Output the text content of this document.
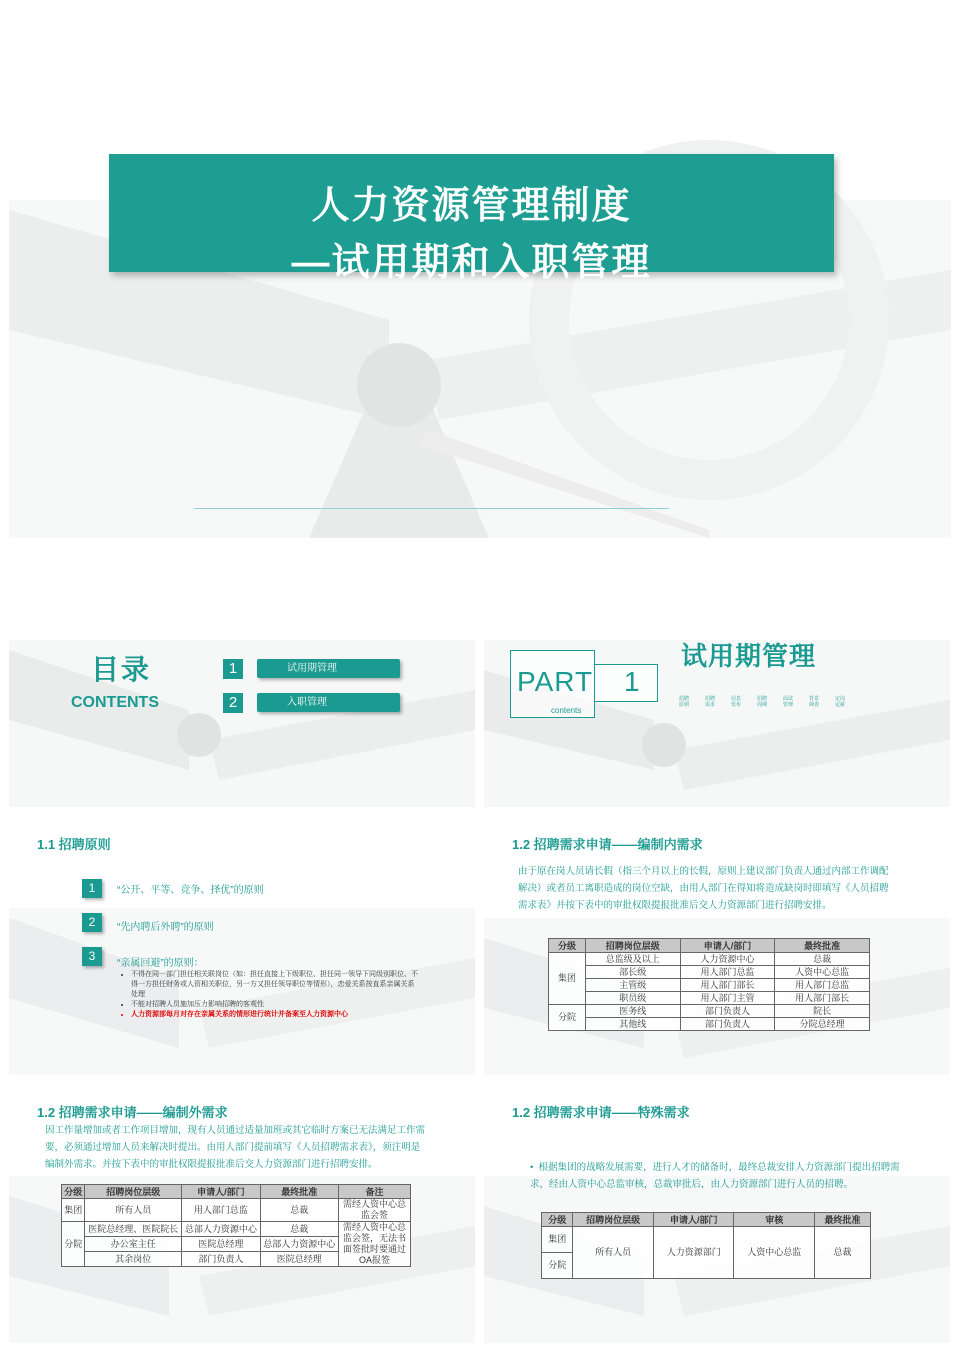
人力资源管理制度
—试用期和入职管理
目录
CONTENTS
1	试用期管理
2	入职管理
PART 1
contents
试用期管理
招聘原则
招聘需求
信息发布
招聘周期
面试管理
背景调查
定岗定薪
1.1 招聘原则
1	“公开、平等、竞争、择优”的原则
2	“先内聘后外聘”的原则
3
“亲属回避”的原则：
• 不得在同一部门担任相关联岗位（如：担任直接上下级职位、担任同一领导下同级别职位、不得一方担任财务或人资相关职位，另一方又担任领导职位等情形），恋爱关系按直系亲属关系处理
• 不能对招聘人员施加压力影响招聘的客观性
• 人力资源部每月对存在亲属关系的情形进行统计并备案至人力资源中心
1.2 招聘需求申请——编制内需求
由于原在岗人员请长假（指三个月以上的长假，原则上建议部门负责人通过内部工作调配解决）或者员工离职造成的岗位空缺，由用人部门在得知将造成缺岗时即填写《人员招聘需求表》并按下表中的审批权限提报批准后交人力资源部门进行招聘安排。
分级	招聘岗位层级	申请人/部门	最终批准
集团	总监级及以上	人力资源中心	总裁
	部长级	用人部门总监	人资中心总监
	主管级	用人部门部长	用人部门总监
	职员级	用人部门主管	用人部门部长
分院	医务线	部门负责人	院长
	其他线	部门负责人	分院总经理
1.2 招聘需求申请——编制外需求
因工作量增加或者工作项目增加，现有人员通过适量加班或其它临时方案已无法满足工作需要，必须通过增加人员来解决时提出。由用人部门提前填写《人员招聘需求表》，须注明是编制外需求。并按下表中的审批权限提报批准后交人力资源部门进行招聘安排。
分级	招聘岗位层级	申请人/部门	最终批准	备注
集团	所有人员	用人部门总监	总裁	需经人资中心总监会签
分院	医院总经理、医院院长	总部人力资源中心	总裁	需经人资中心总监会签，无法书面签批时要通过OA报签
	办公室主任	医院总经理	总部人力资源中心	
	其余岗位	部门负责人	医院总经理	
1.2 招聘需求申请——特殊需求
•  根据集团的战略发展需要，进行人才的储备时，最终总裁安排人力资源部门提出招聘需求，经由人资中心总监审核，总裁审批后，由人力资源部门进行人员的招聘。
分级	招聘岗位层级	申请人/部门	审核	最终批准
集团	所有人员	人力资源部门	人资中心总监	总裁
分院				
